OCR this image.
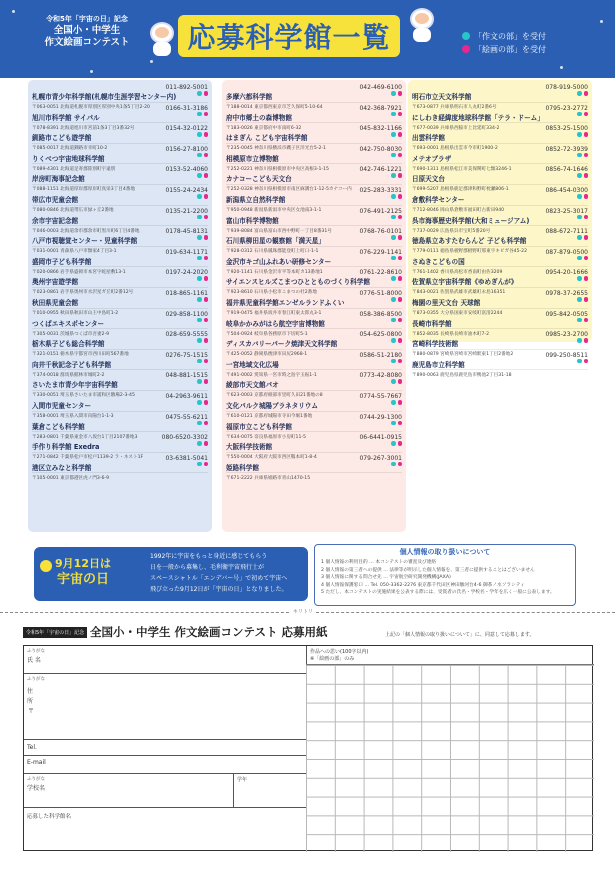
令和5年「宇宙の日」記念
全国小・中学生
作文絵画コンテスト	応募科学館一覧	「作文の部」を受付
「絵画の部」を受付
札幌市青少年科学館(札幌市生涯学習センター内)
011-892-5001
〒063-0051 北海道札幌市厚別区厚別中央1条5丁目2-20
旭川市科学館 サイパル
0166-31-3186
〒078-8391 北海道旭川市宮前1条3丁目3番32号
釧路市こども遊学館
0154-32-0122
〒085-0017 北海道釧路市幸町10-2
りくべつ宇宙地球科学館
0156-27-8100
〒089-4301 北海道足寄郡陸別町宇遠別
岸房町海事記念館
0153-52-4060
〒088-1151 北海道厚岸郡厚岸町真栄3丁目4番地
帯広市児童会館
0155-24-2434
〒080-0846 北海道帯広市緑ヶ丘2番地
余市宇宙記念館
0135-21-2200
〒046-0003 北海道余市郡余市町黒川町6丁目4番地
八戸市視聴覚センター・児童科学館
0178-45-8131
〒031-0001 青森県八戸市類家4丁目3-1
盛岡市子ども科学館
019-634-1171
〒020-0866 岩手県盛岡市本宮字蛇屋敷13-1
奥州宇宙遊学館
0197-24-2020
〒023-0861 岩手県奥州市水沢星ガ丘町2番12号
秋田県児童会館
018-865-1161
〒010-0955 秋田県秋田市山王中島町1-2
つくばエキスポセンター
029-858-1100
〒305-0031 茨城県つくば市吾妻2-9
栃木県子ども総合科学館
028-659-5555
〒321-0151 栃木県宇都宮市西川田町567番地
向井千秋記念子ども科学館
0276-75-1515
〒374-0018 群馬県館林市城町2-2
さいたま市青少年宇宙科学館
048-881-1515
〒330-0051 埼玉県さいたま市浦和区駒場2-3-45
入間市児童センター
04-2963-9611
〒358-0001 埼玉県入間市向陽台1-1-3
葉倉こども科学館
0475-55-6211
〒283-0801 千葉県東金市八坂台1丁目2107番地3
手作り科学館 Exedra
080-6520-3302
〒271-0842 千葉県松戸市松戸1139-2 ラ・ネスト1F
港区立みなと科学館
03-6381-5041
〒105-0001 東京都港区虎ノ門3-6-9
多摩六都科学館
042-469-6100
〒188-0014 東京都西東京市芝久保町5-10-64
府中市郷土の森博物館
042-368-7921
〒183-0026 東京都府中市南町6-32
はまぎん こども宇宙科学館
045-832-1166
〒235-0045 神奈川県横浜市磯子区洋光台5-2-1
相模原市立博物館
042-750-8030
〒252-0221 神奈川県相模原市中央区高根3-1-15
カナコーこども天文台
042-746-1221
〒252-0328 神奈川県相模原市南区麻溝台1-12-5カナコー内
新潟県立自然科学館
025-283-3331
〒950-0948 新潟県新潟市中央区女池南3-1-1
富山市科学博物館
076-491-2125
〒939-8084 富山県富山市西中野町一丁目8番31号
石川県柳田星の観察館「満天星」
0768-76-0101
〒928-0312 石川県鳳珠郡能登町上町口-1-1
金沢市キゴ山ふれあい研修センター
076-229-1141
〒920-1141 石川県金沢市平等本町カ13番地1
サイエンスヒルズこまつひととものづくり科学館
0761-22-8610
〒923-8610 石川県小松市こまつの杜2番地
福井県児童科学館エンゼルランドふくい
0776-51-8000
〒919-0475 福井県坂井市春江町東太郎丸3-1
岐阜かかみがはら航空宇宙博物館
058-386-8500
〒504-0924 岐阜県各務原市下切町5-1
ディスカバリーパーク焼津天文科学館
054-625-0800
〒425-0052 静岡県焼津市田尻2968-1
一宮地域文化広場
0586-51-2180
〒491-0002 愛知県一宮市時之島字玉振1-1
綾部市天文館パオ
0773-42-8080
〒623-0003 京都府綾部市里町久田21番地の8
文化パルク城陽プラネタリウム
0774-55-7667
〒610-0121 京都府城陽市寺田今堀1番地
福原市立こども科学館
0744-29-1300
〒634-0075 奈良県福原市小房町11-5
大阪科学技術館
06-6441-0915
〒550-0004 大阪府大阪市西区靱本町1-8-4
姫路科学館
079-267-3001
〒671-2222 兵庫県姫路市青山1470-15
明石市立天文科学館
078-919-5000
〒673-0877 兵庫県明石市人丸町2番6号
にしわき経緯度地球科学館「テラ・ドーム」
0795-23-2772
〒677-0039 兵庫県西脇市上比延町334-2
出雲科学館
0853-25-1500
〒693-0001 島根県出雲市今市町1900-2
メテオプラザ
0852-72-3939
〒690-1311 島根県松江市美保関町七類3246-1
日原天文台
0856-74-1646
〒699-5207 島根県鹿足郡津和野町枕瀬806-1
倉敷科学センター
086-454-0300
〒712-8046 岡山県倉敷市福田町古新田940
呉市海事歴史科学館(大和ミュージアム)
0823-25-3017
〒737-0029 広島県呉市宝町5番20号
徳島県立あすたむらんど 子ども科学館
088-672-7111
〒779-0111 徳島県板野郡板野町那東字キビガ谷45-22
さぬきこどもの国
087-879-0500
〒761-1402 香川県高松市香南町由佐3209
佐賀県立宇宙科学館《ゆめぎんが》
0954-20-1666
〒843-0021 佐賀県武雄市武雄町永島16351
梅園の里天文台 天球館
0978-37-2655
〒873-0355 大分県国東市安岐町富清2244
長崎市科学館
095-842-0505
〒852-8035 長崎県長崎市油木町7-2
宮崎科学技術館
0985-23-2700
〒880-0879 宮崎県宮崎市宮崎駅東1丁目2番地2
鹿児島市立科学館
099-250-8511
〒890-0063 鹿児島県鹿児島市鴨池2丁目31-18
9月12日は
宇宙の日
1992年に宇宙をもっと身近に感じてもらう
日を一般から募集し、毛利衛宇宙飛行士が
スペースシャトル「エンデバー号」で初めて宇宙へ
飛び立った9月12日が「宇宙の日」となりました。
個人情報の取り扱いについて
1 個人情報の利用目的 … 本コンテストの審査及び連絡
2 個人情報の第三者への提供 … 法律等が明示した個人情報を、第三者に提供することはございません
3 個人情報に関する問合せ先 … 宇宙航空研究開発機構(JAXA)
4 個人情報保護窓口 … Tel. 050-3362-2276 東京都千代田区神田駿河台4-6 御茶ノ水ソラシティ
5 ただし、本コンテストの実施結果を公表する際には、受賞者の氏名・学校名・学年を広く一般に公表します。
キリトリ
令和5年「宇宙の日」記念 全国小・中学生 作文絵画コンテスト 応募用紙	上記の「個人情報の取り扱いについて」に、同意して応募します。
ふりがな
氏 名
ふりがな
住
所
〒
Tel.
E-mail
ふりがな
学校名
学年
応募した科学館名
作品への思い(100字以内)
※「絵画の部」のみ
